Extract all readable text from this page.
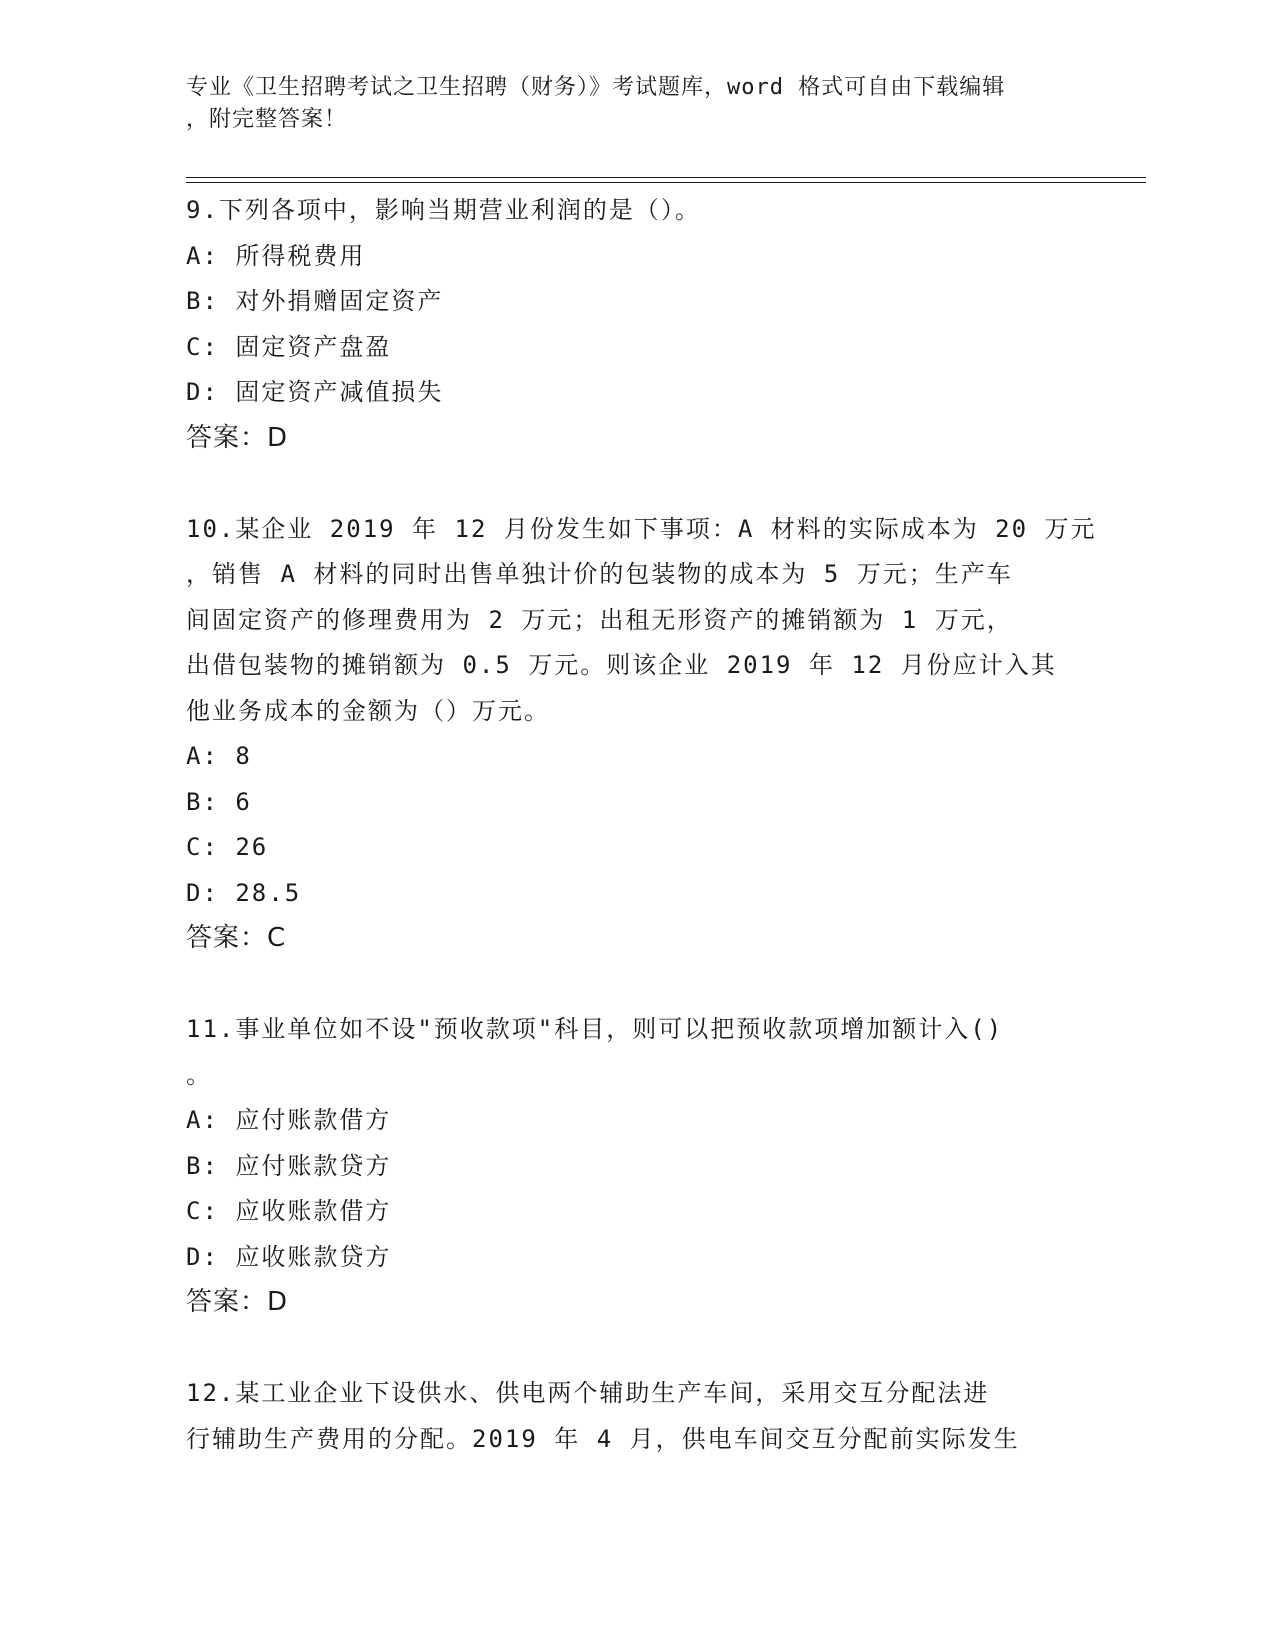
专业《卫生招聘考试之卫生招聘（财务）》考试题库，word 格式可自由下载编辑
，附完整答案！
9.下列各项中，影响当期营业利润的是（）。
A: 所得税费用
B: 对外捐赠固定资产
C: 固定资产盘盈
D: 固定资产减值损失
答案：D
10.某企业 2019 年 12 月份发生如下事项：A 材料的实际成本为 20 万元
，销售 A 材料的同时出售单独计价的包装物的成本为 5 万元；生产车
间固定资产的修理费用为 2 万元；出租无形资产的摊销额为 1 万元，
出借包装物的摊销额为 0.5 万元。则该企业 2019 年 12 月份应计入其
他业务成本的金额为（）万元。
A: 8
B: 6
C: 26
D: 28.5
答案：C
11.事业单位如不设"预收款项"科目，则可以把预收款项增加额计入()
。
A: 应付账款借方
B: 应付账款贷方
C: 应收账款借方
D: 应收账款贷方
答案：D
12.某工业企业下设供水、供电两个辅助生产车间，采用交互分配法进
行辅助生产费用的分配。2019 年 4 月，供电车间交互分配前实际发生
